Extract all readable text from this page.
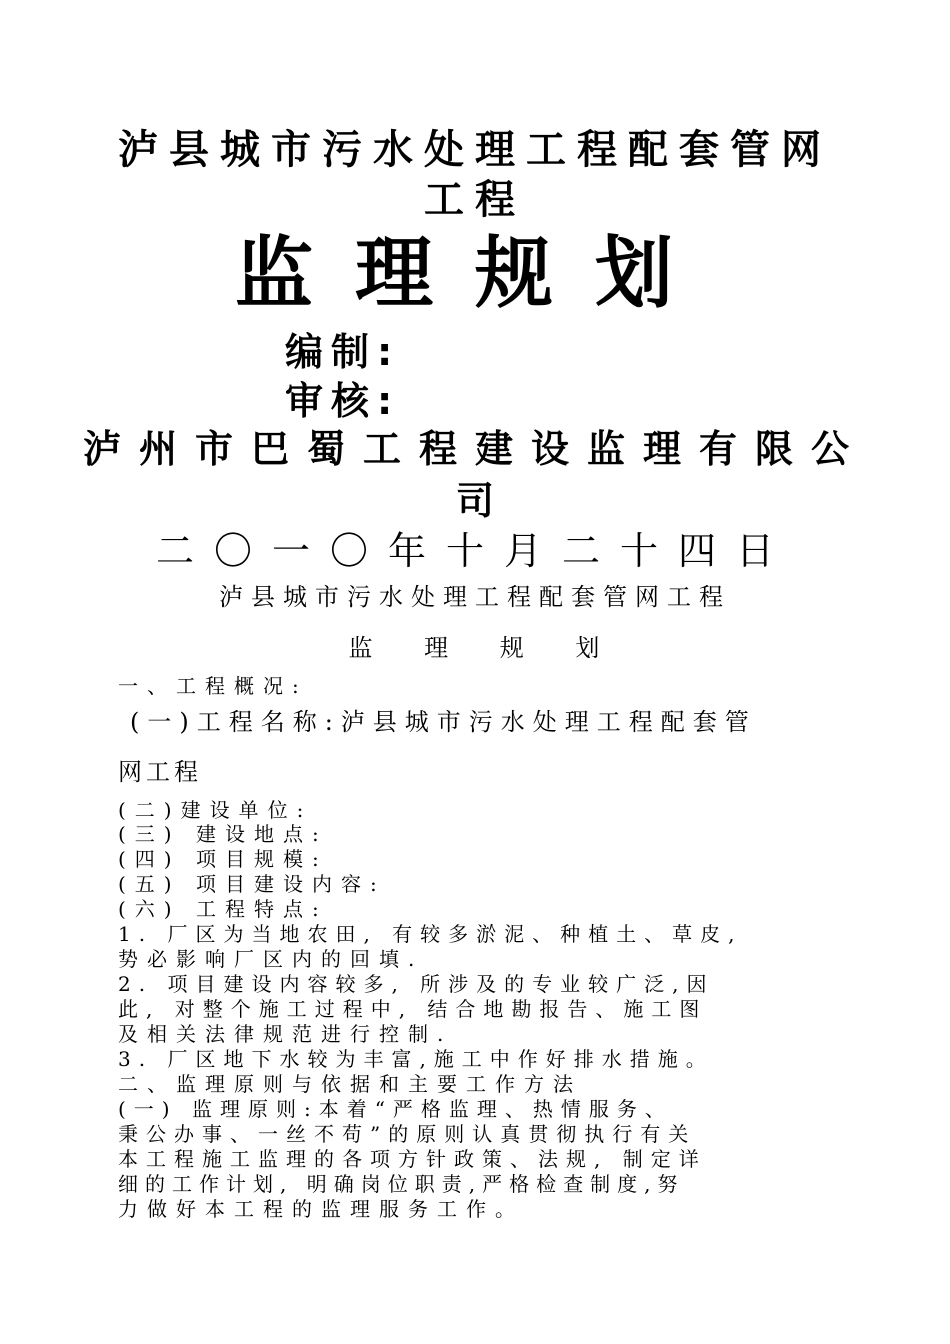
泸县城市污水处理工程配套管网
工程
监理规划
编制:
审核:
泸州市巴蜀工程建设监理有限公
司
二〇一〇年十月二十四日
泸县城市污水处理工程配套管网工程
监 理 规 划
一、工程概况:
(一)工程名称:泸县城市污水处理工程配套管
网工程
(二)建设单位:
(三) 建设地点:
(四) 项目规模:
(五) 项目建设内容:
(六) 工程特点:
1. 厂区为当地农田, 有较多淤泥、种植土、草皮,
势必影响厂区内的回填.
2. 项目建设内容较多, 所涉及的专业较广泛,因
此, 对整个施工过程中, 结合地勘报告、施工图
及相关法律规范进行控制.
3. 厂区地下水较为丰富,施工中作好排水措施。
二、监理原则与依据和主要工作方法
(一) 监理原则:本着“严格监理、热情服务、
秉公办事、一丝不苟”的原则认真贯彻执行有关
本工程施工监理的各项方针政策、法规, 制定详
细的工作计划, 明确岗位职责,严格检查制度,努
力做好本工程的监理服务工作。
